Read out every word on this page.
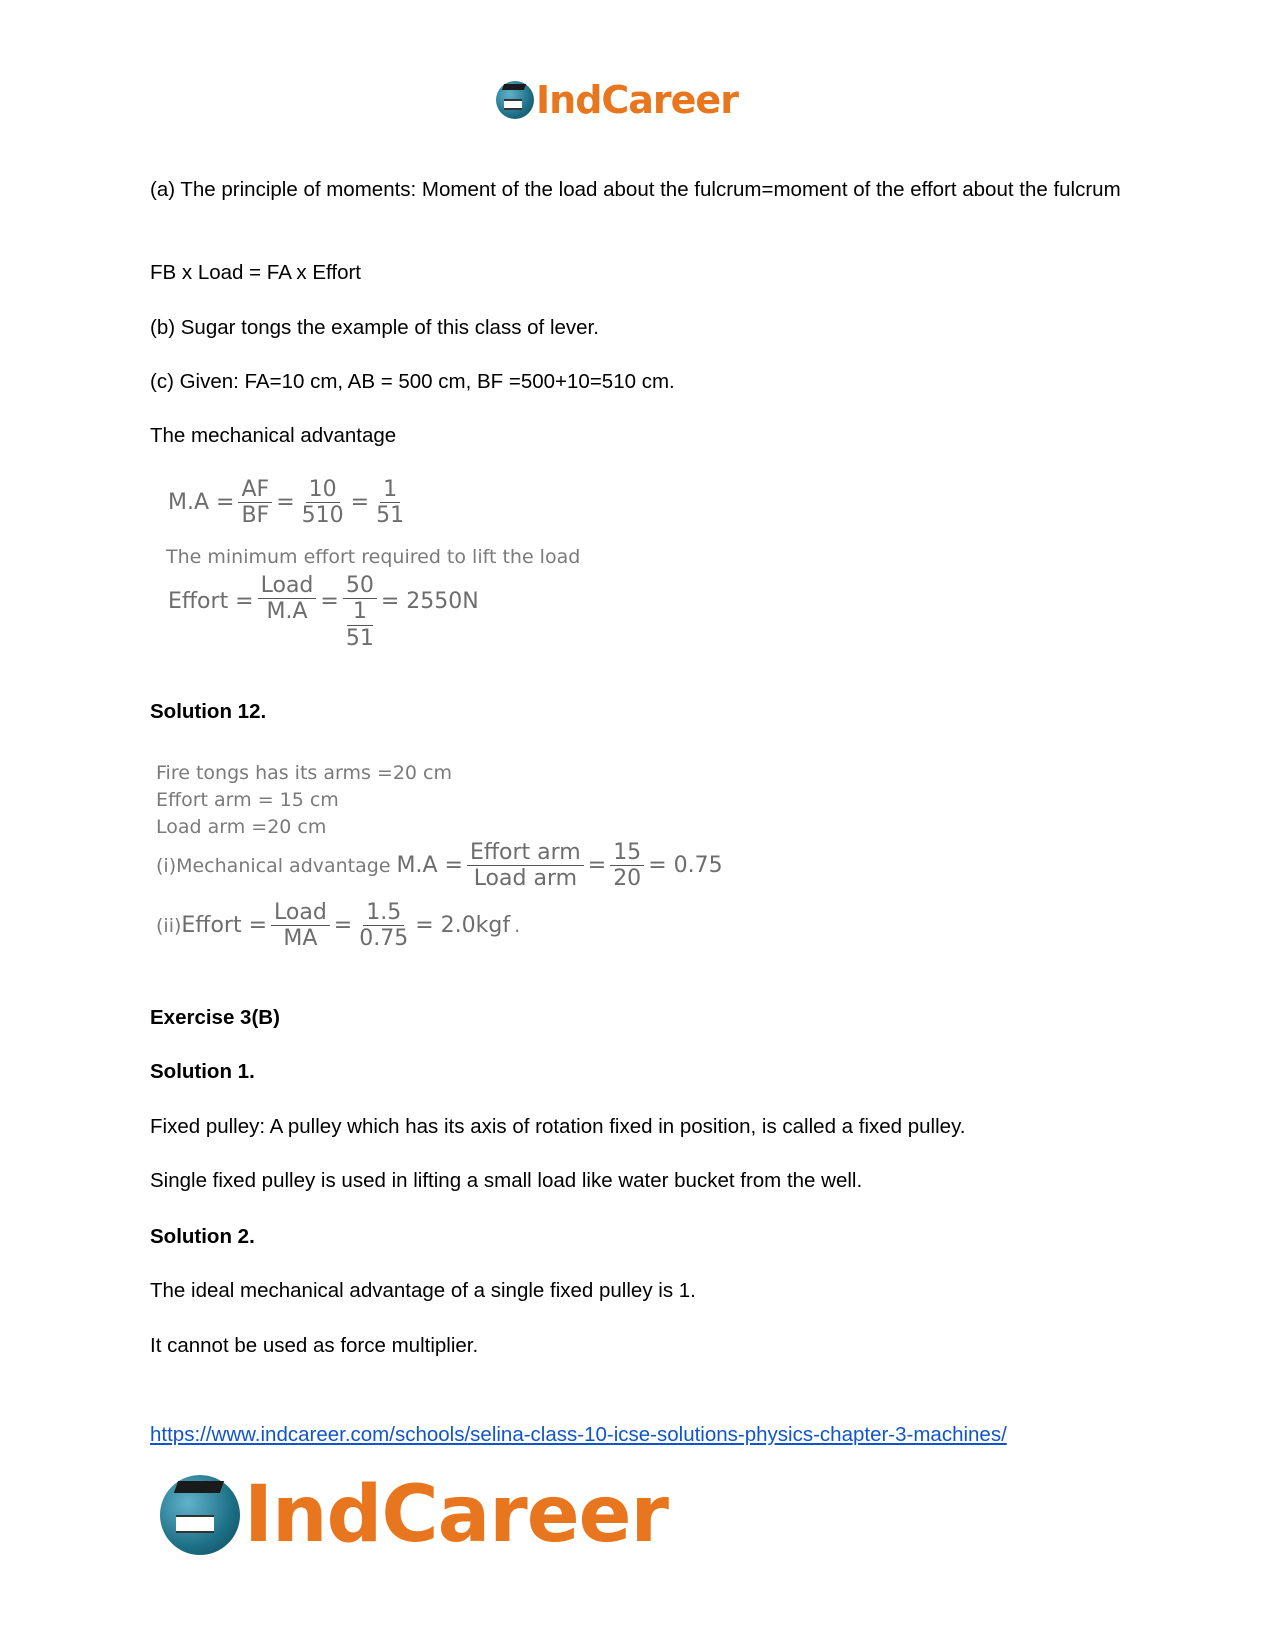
IndCareer
(a) The principle of moments: Moment of the load about the fulcrum=moment of the effort about the fulcrum
FB x Load = FA x Effort
(b) Sugar tongs the example of this class of lever.
(c) Given: FA=10 cm, AB = 500 cm, BF =500+10=510 cm.
The mechanical advantage
$M.A = \frac{AF}{BF} = \frac{10}{510} = \frac{1}{51}$
The minimum effort required to lift the load
Effort = $\frac{\text{Load}}{M.A}$ =
50
1
51
= 2550N
Solution 12.
Fire tongs has its arms =20 cm
Effort arm = 15 cm
Load arm =20 cm
(i)Mechanical advantage $M.A = \frac{\text{Effort arm}}{\text{Load arm}} = \frac{15}{20} = 0.75$
(ii) Effort = $\frac{\text{Load}}{MA} = \frac{1.5}{0.75} = 2.0kgf$ .
Exercise 3(B)
Solution 1.
Fixed pulley: A pulley which has its axis of rotation fixed in position, is called a fixed pulley.
Single fixed pulley is used in lifting a small load like water bucket from the well.
Solution 2.
The ideal mechanical advantage of a single fixed pulley is 1.
It cannot be used as force multiplier.
https://www.indcareer.com/schools/selina-class-10-icse-solutions-physics-chapter-3-machines/
IndCareer
